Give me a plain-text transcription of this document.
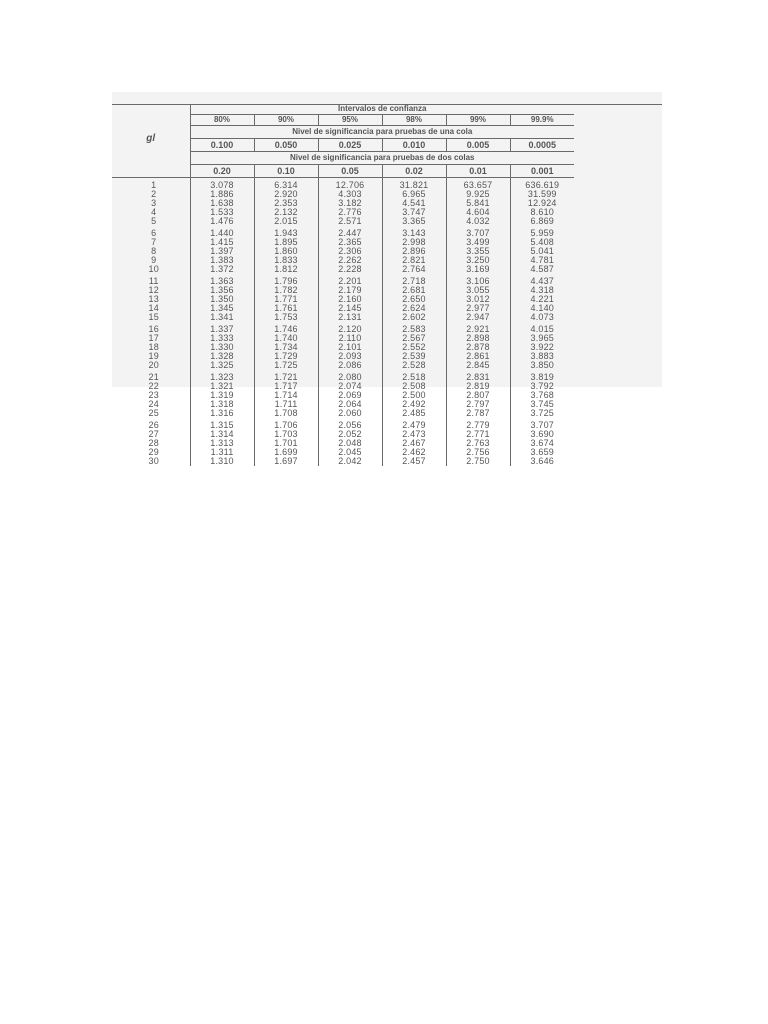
	Intervalos de confianza					
	80%	90%	95%	98%	99%	99.9%
gl	Nivel de significancia para pruebas de una cola					
	0.100	0.050	0.025	0.010	0.005	0.0005
	Nivel de significancia para pruebas de dos colas					
	0.20	0.10	0.05	0.02	0.01	0.001

1	3.078	6.314	12.706	31.821	63.657	636.619
2	1.886	2.920	4.303	6.965	9.925	31.599
3	1.638	2.353	3.182	4.541	5.841	12.924
4	1.533	2.132	2.776	3.747	4.604	8.610
5	1.476	2.015	2.571	3.365	4.032	6.869

6	1.440	1.943	2.447	3.143	3.707	5.959
7	1.415	1.895	2.365	2.998	3.499	5.408
8	1.397	1.860	2.306	2.896	3.355	5.041
9	1.383	1.833	2.262	2.821	3.250	4.781
10	1.372	1.812	2.228	2.764	3.169	4.587

11	1.363	1.796	2.201	2.718	3.106	4.437
12	1.356	1.782	2.179	2.681	3.055	4.318
13	1.350	1.771	2.160	2.650	3.012	4.221
14	1.345	1.761	2.145	2.624	2.977	4.140
15	1.341	1.753	2.131	2.602	2.947	4.073

16	1.337	1.746	2.120	2.583	2.921	4.015
17	1.333	1.740	2.110	2.567	2.898	3.965
18	1.330	1.734	2.101	2.552	2.878	3.922
19	1.328	1.729	2.093	2.539	2.861	3.883
20	1.325	1.725	2.086	2.528	2.845	3.850

21	1.323	1.721	2.080	2.518	2.831	3.819
22	1.321	1.717	2.074	2.508	2.819	3.792
23	1.319	1.714	2.069	2.500	2.807	3.768
24	1.318	1.711	2.064	2.492	2.797	3.745
25	1.316	1.708	2.060	2.485	2.787	3.725

26	1.315	1.706	2.056	2.479	2.779	3.707
27	1.314	1.703	2.052	2.473	2.771	3.690
28	1.313	1.701	2.048	2.467	2.763	3.674
29	1.311	1.699	2.045	2.462	2.756	3.659
30	1.310	1.697	2.042	2.457	2.750	3.646
